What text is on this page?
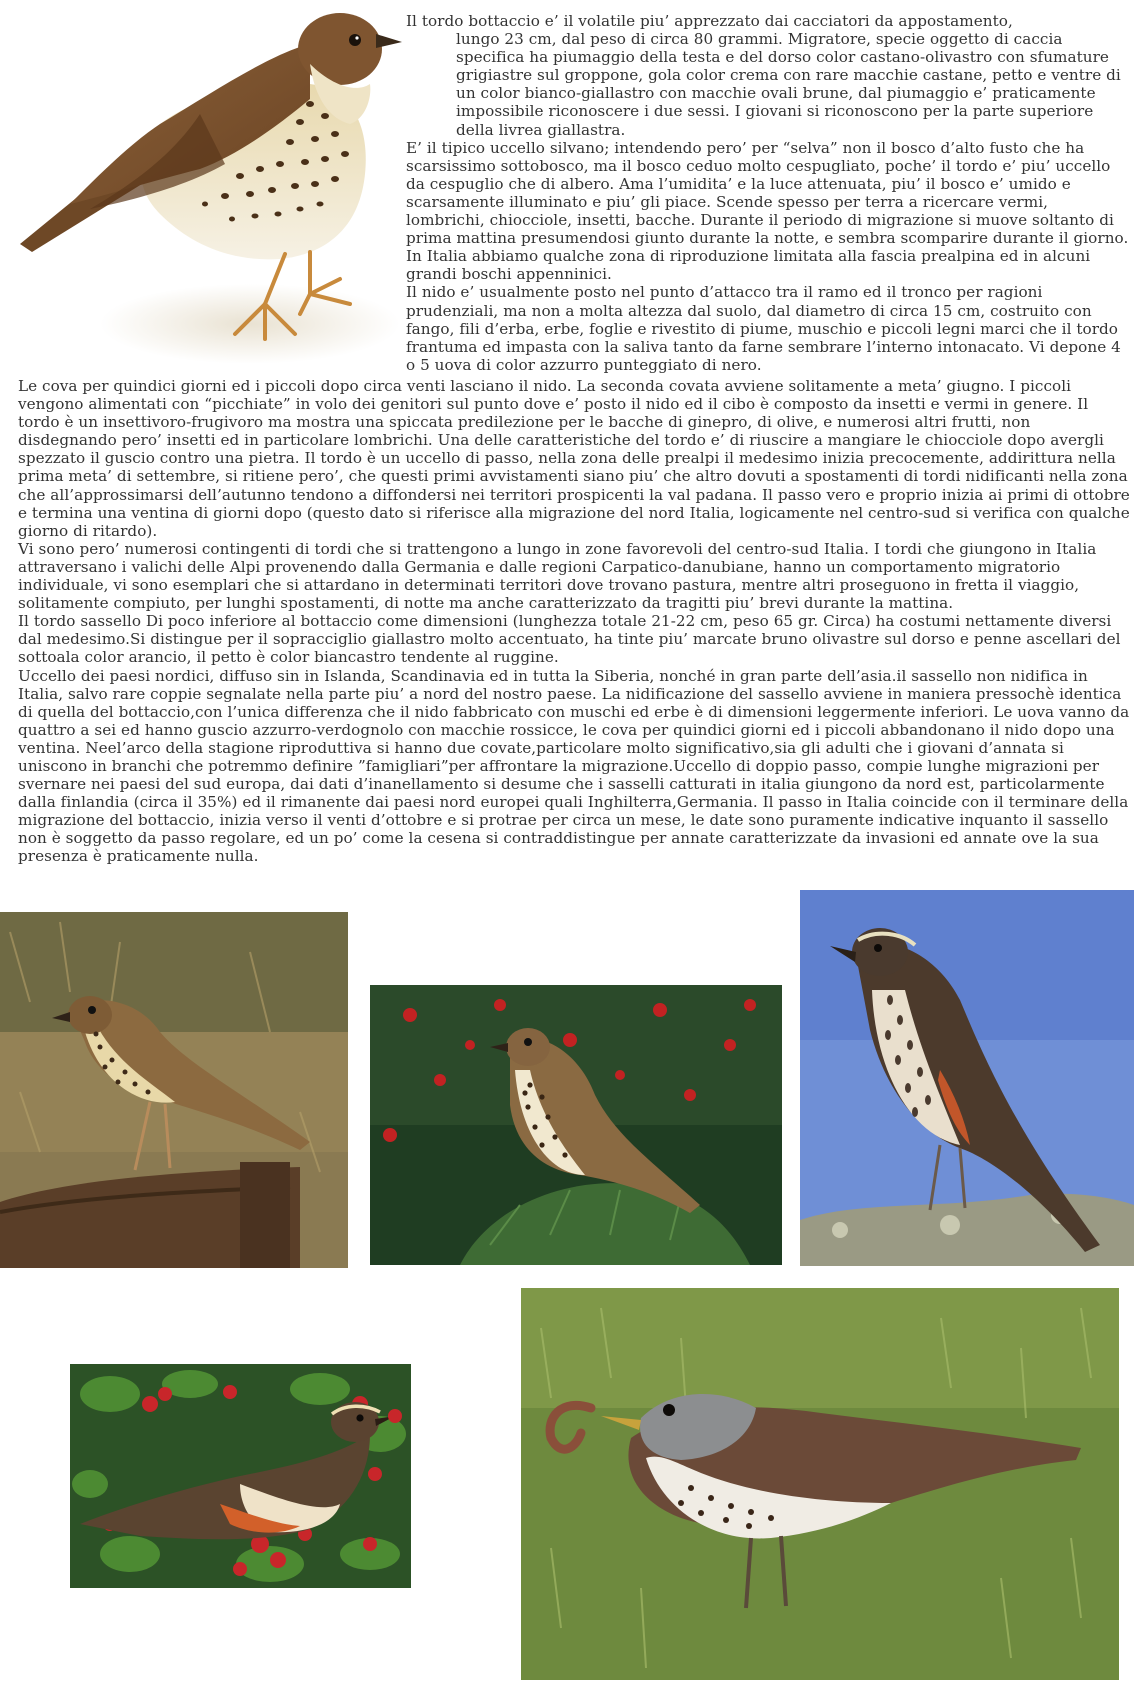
Il tordo bottaccio e’ il volatile piu’ apprezzato dai cacciatori da appostamento,

lungo 23 cm, dal peso di circa 80 grammi. Migratore, specie oggetto di caccia specifica ha piumaggio della testa e del dorso color castano-olivastro con sfumature grigiastre sul groppone, gola color crema con rare macchie castane, petto e ventre di un color bianco-giallastro con macchie ovali brune, dal piumaggio e’ praticamente impossibile riconoscere i due sessi. I giovani si riconoscono per la parte superiore della livrea giallastra.

E’ il tipico uccello silvano; intendendo pero’ per “selva” non il bosco d’alto fusto che ha scarsissimo sottobosco, ma il bosco ceduo molto cespugliato, poche’ il tordo e’ piu’ uccello da cespuglio che di albero. Ama l’umidita’ e la luce attenuata, piu’ il bosco e’ umido e scarsamente illuminato e piu’ gli piace. Scende spesso per terra a ricercare vermi, lombrichi, chiocciole, insetti, bacche. Durante il periodo di migrazione si muove soltanto di prima mattina presumendosi giunto durante la notte, e sembra scomparire durante il giorno. In Italia abbiamo qualche zona di riproduzione limitata alla fascia prealpina ed in alcuni grandi boschi appenninici.

Il nido e’ usualmente posto nel punto d’attacco tra il ramo ed il tronco per ragioni prudenziali, ma non a molta altezza dal suolo, dal diametro di circa 15 cm, costruito con fango, fili d’erba, erbe, foglie e rivestito di piume, muschio e piccoli legni marci che il tordo frantuma ed impasta con la saliva tanto da farne sembrare l’interno intonacato. Vi depone 4 o 5 uova di color azzurro punteggiato di nero.

Le cova per quindici giorni ed i piccoli dopo circa venti lasciano il nido. La seconda covata avviene solitamente a meta’ giugno. I piccoli vengono alimentati con “picchiate” in volo dei genitori sul punto dove e’ posto il nido ed il cibo è composto da insetti e vermi in genere. Il tordo è un insettivoro-frugivoro ma mostra una spiccata predilezione per le bacche di ginepro, di olive, e numerosi altri frutti, non disdegnando pero’ insetti ed in particolare lombrichi. Una delle caratteristiche del tordo e’ di riuscire a mangiare le chiocciole dopo avergli spezzato il guscio contro una pietra. Il tordo è un uccello di passo, nella zona delle prealpi il medesimo inizia precocemente, addirittura nella prima meta’ di settembre, si ritiene pero’, che questi primi avvistamenti siano piu’ che altro dovuti a spostamenti di tordi nidificanti nella zona che all’approssimarsi dell’autunno tendono a diffondersi nei territori prospicenti la val padana. Il passo vero e proprio inizia ai primi di ottobre e termina una ventina di giorni dopo (questo dato si riferisce alla migrazione del nord Italia, logicamente nel centro-sud si verifica con qualche giorno di ritardo).

Vi sono pero’ numerosi contingenti di tordi che si trattengono a lungo in zone favorevoli del centro-sud Italia. I tordi che giungono in Italia attraversano i valichi delle Alpi provenendo dalla Germania e dalle regioni Carpatico-danubiane, hanno un comportamento migratorio individuale, vi sono esemplari che si attardano in determinati territori dove trovano pastura, mentre altri proseguono in fretta il viaggio, solitamente compiuto, per lunghi spostamenti, di notte ma anche caratterizzato da tragitti piu’ brevi durante la mattina.

Il tordo sassello Di poco inferiore al bottaccio come dimensioni (lunghezza totale 21-22 cm, peso 65 gr. Circa) ha costumi nettamente diversi dal medesimo.Si distingue per il sopracciglio giallastro molto accentuato, ha tinte piu’ marcate bruno olivastre sul dorso e penne ascellari del sottoala color arancio, il petto è color biancastro tendente al ruggine.

Uccello dei paesi nordici, diffuso sin in Islanda, Scandinavia ed in tutta la Siberia, nonché in gran parte dell’asia.il sassello non nidifica in Italia, salvo rare coppie segnalate nella parte piu’ a nord del nostro paese. La nidificazione del sassello avviene in maniera pressochè identica di quella del bottaccio,con l’unica differenza che il nido fabbricato con muschi ed erbe è di dimensioni leggermente inferiori. Le uova vanno da quattro a sei ed hanno guscio azzurro-verdognolo con macchie rossicce, le cova per quindici giorni ed i piccoli abbandonano il nido dopo una ventina. Neel’arco della stagione riproduttiva si hanno due covate,particolare molto significativo,sia gli adulti che i giovani d’annata si uniscono in branchi che potremmo definire ”famigliari”per affrontare la migrazione.Uccello di doppio passo, compie lunghe migrazioni per svernare nei paesi del sud europa, dai dati d’inanellamento si desume che i sasselli catturati in italia giungono da nord est, particolarmente dalla finlandia (circa il 35%) ed il rimanente dai paesi nord europei quali Inghilterra,Germania. Il passo in Italia coincide con il terminare della migrazione del bottaccio, inizia verso il venti d’ottobre e si protrae per circa un mese, le date sono puramente indicative inquanto il sassello non è soggetto da passo regolare, ed un po’ come la cesena si contraddistingue per annate caratterizzate da invasioni ed annate ove la sua presenza è praticamente nulla.
